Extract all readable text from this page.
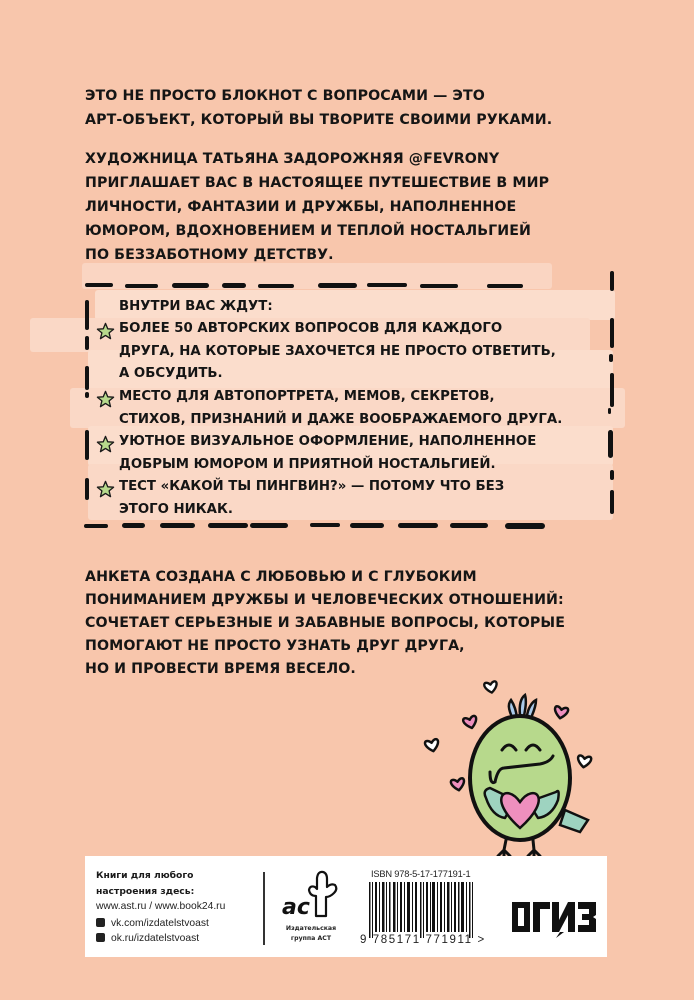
ЭТО НЕ ПРОСТО БЛОКНОТ С ВОПРОСАМИ — ЭТО
АРТ-ОБЪЕКТ, КОТОРЫЙ ВЫ ТВОРИТЕ СВОИМИ РУКАМИ.
ХУДОЖНИЦА ТАТЬЯНА ЗАДОРОЖНЯЯ @FEVRONY
ПРИГЛАШАЕТ ВАС В НАСТОЯЩЕЕ ПУТЕШЕСТВИЕ В МИР
ЛИЧНОСТИ, ФАНТАЗИИ И ДРУЖБЫ, НАПОЛНЕННОЕ
ЮМОРОМ, ВДОХНОВЕНИЕМ И ТЕПЛОЙ НОСТАЛЬГИЕЙ
ПО БЕЗЗАБОТНОМУ ДЕТСТВУ.
ВНУТРИ ВАС ЖДУТ:
БОЛЕЕ 50 АВТОРСКИХ ВОПРОСОВ ДЛЯ КАЖДОГО
ДРУГА, НА КОТОРЫЕ ЗАХОЧЕТСЯ НЕ ПРОСТО ОТВЕТИТЬ,
А ОБСУДИТЬ.
МЕСТО ДЛЯ АВТОПОРТРЕТА, МЕМОВ, СЕКРЕТОВ,
СТИХОВ, ПРИЗНАНИЙ И ДАЖЕ ВООБРАЖАЕМОГО ДРУГА.
УЮТНОЕ ВИЗУАЛЬНОЕ ОФОРМЛЕНИЕ, НАПОЛНЕННОЕ
ДОБРЫМ ЮМОРОМ И ПРИЯТНОЙ НОСТАЛЬГИЕЙ.
ТЕСТ «КАКОЙ ТЫ ПИНГВИН?» — ПОТОМУ ЧТО БЕЗ
ЭТОГО НИКАК.
АНКЕТА СОЗДАНА С ЛЮБОВЬЮ И С ГЛУБОКИМ
ПОНИМАНИЕМ ДРУЖБЫ И ЧЕЛОВЕЧЕСКИХ ОТНОШЕНИЙ:
СОЧЕТАЕТ СЕРЬЕЗНЫЕ И ЗАБАВНЫЕ ВОПРОСЫ, КОТОРЫЕ
ПОМОГАЮТ НЕ ПРОСТО УЗНАТЬ ДРУГ ДРУГА,
НО И ПРОВЕСТИ ВРЕМЯ ВЕСЕЛО.
Книги для любого
настроения здесь:
www.ast.ru / www.book24.ru
vk.com/izdatelstvoast
ok.ru/izdatelstvoast
ac
Издательская
группа АСТ
ISBN 978-5-17-177191-1
9 785171 771911 >
